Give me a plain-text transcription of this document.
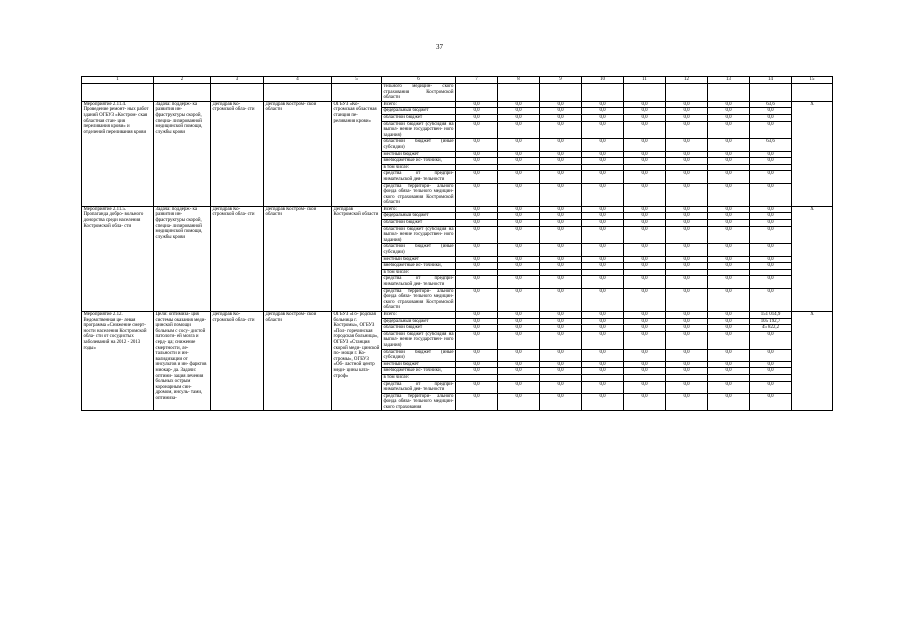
37
1	2	3	4	5	6	7	8	9	10	11	12	13	14	15
					тельного медицин- ского страхования Костромской области									
Мероприятие 2.11.4. Проведение ремонт- ных работ зданий ОГБУЗ «Костром- ская областная стан- ция переливания крови» и отделений переливания крови	Задача: поддерж- ка развития ин- фраструктуры скорой, специа- лизированной медицинской помощи, службы крови	Депздрав Ко- стромской обла- сти	Депздрав Костром- ской области	ОГБУЗ «Ко- стромская областная станция пе- реливания крови»	Всего:	0,0	0,0	0,0	0,0	0,0	0,0	0,0	63,6	X
					федеральный бюджет	0,0	0,0	0,0	0,0	0,0	0,0	0,0	0,0	
					областной бюджет	0,0	0,0	0,0	0,0	0,0	0,0	0,0	0,0	
					областной бюджет (субсидия на выпол- нение государствен- ного задания)	0,0	0,0	0,0	0,0	0,0	0,0	0,0	0,0	
					областной бюджет (иные субсидии)	0,0	0,0	0,0	0,0	0,0	0,0	0,0	63,6	
					местный бюджет	0,0	0,0	0,0	0,0	0,0	0,0	0,0	0,0	
					внебюджетные ис- точники,	0,0	0,0	0,0	0,0	0,0	0,0	0,0	0,0	
					в том числе:									
					средства от предпри- нимательской дея- тельности	0,0	0,0	0,0	0,0	0,0	0,0	0,0	0,0	
					средства территори- ального фонда обяза- тельного медицин- ского страхования Костромской области	0,0	0,0	0,0	0,0	0,0	0,0	0,0	0,0	
Мероприятие 2.11.5. Пропаганда добро- вольного донорства среди населения Костромской обла- сти	Задача: поддерж- ка развития ин- фраструктуры скорой, специа- лизированной медицинской помощи, службы крови	Депздрав Ко- стромской обла- сти	Депздрав Костром- ской области	Депздрав Костромской области	Всего:	0,0	0,0	0,0	0,0	0,0	0,0	0,0	0,0	X
					федеральный бюджет	0,0	0,0	0,0	0,0	0,0	0,0	0,0	0,0	
					областной бюджет	0,0	0,0	0,0	0,0	0,0	0,0	0,0	0,0	
					областной бюджет (субсидия на выпол- нение государствен- ного задания)	0,0	0,0	0,0	0,0	0,0	0,0	0,0	0,0	
					областной бюджет (иные субсидии)	0,0	0,0	0,0	0,0	0,0	0,0	0,0	0,0	
					местный бюджет	0,0	0,0	0,0	0,0	0,0	0,0	0,0	0,0	
					внебюджетные ис- точники,	0,0	0,0	0,0	0,0	0,0	0,0	0,0	0,0	
					в том числе:									
					средства от предпри- нимательской дея- тельности	0,0	0,0	0,0	0,0	0,0	0,0	0,0	0,0	
					средства территори- ального фонда обяза- тельного медицин- ского страхования Костромской области	0,0	0,0	0,0	0,0	0,0	0,0	0,0	0,0	
Мероприятие 2.12. Ведомственная це- левая программа «Снижение смерт- ности населения Костромской обла- сти от сосудистых заболеваний на 2012 - 2013 годы»	Цели: оптимиза- ция системы оказания меди- цинской помощи больным с сосу- дистой патологи- ей мозга и серд- ца; снижение смертности, ле- тальности и ин- валидизации от инсультов и ин- фарктов миокар- да. Задачи: оптими- зация лечения больных острым коронарным син- дромом, инсуль- тами, оптимиза-	Депздрав Ко- стромской обла- сти	Депздрав Костром- ской области	ОГБУЗ «Го- родская больница г. Костромы», ОГБУЗ «Пол- горечинская городская больница», ОГБУЗ «Станция скорой меди- цинской по- мощи г. Ко- стромы», ОГБУЗ «Об- ластной центр меди- цины ката- строф»	Всего:	0,0	0,0	0,0	0,0	0,0	0,0	0,0	151 014,9	X
					федеральный бюджет	0,0	0,0	0,0	0,0	0,0	0,0	0,0	105 192,7	
					областной бюджет	0,0	0,0	0,0	0,0	0,0	0,0	0,0	45 822,2	
					областной бюджет (субсидия на выпол- нение государствен- ного задания)	0,0	0,0	0,0	0,0	0,0	0,0	0,0	0,0	
					областной бюджет (иные субсидии)	0,0	0,0	0,0	0,0	0,0	0,0	0,0	0,0	
					местный бюджет	0,0	0,0	0,0	0,0	0,0	0,0	0,0	0,0	
					внебюджетные ис- точники,	0,0	0,0	0,0	0,0	0,0	0,0	0,0	0,0	
					в том числе:									
					средства от предпри- нимательской дея- тельности	0,0	0,0	0,0	0,0	0,0	0,0	0,0	0,0	
					средства территори- ального фонда обяза- тельного медицин- ского страхования	0,0	0,0	0,0	0,0	0,0	0,0	0,0	0,0	
